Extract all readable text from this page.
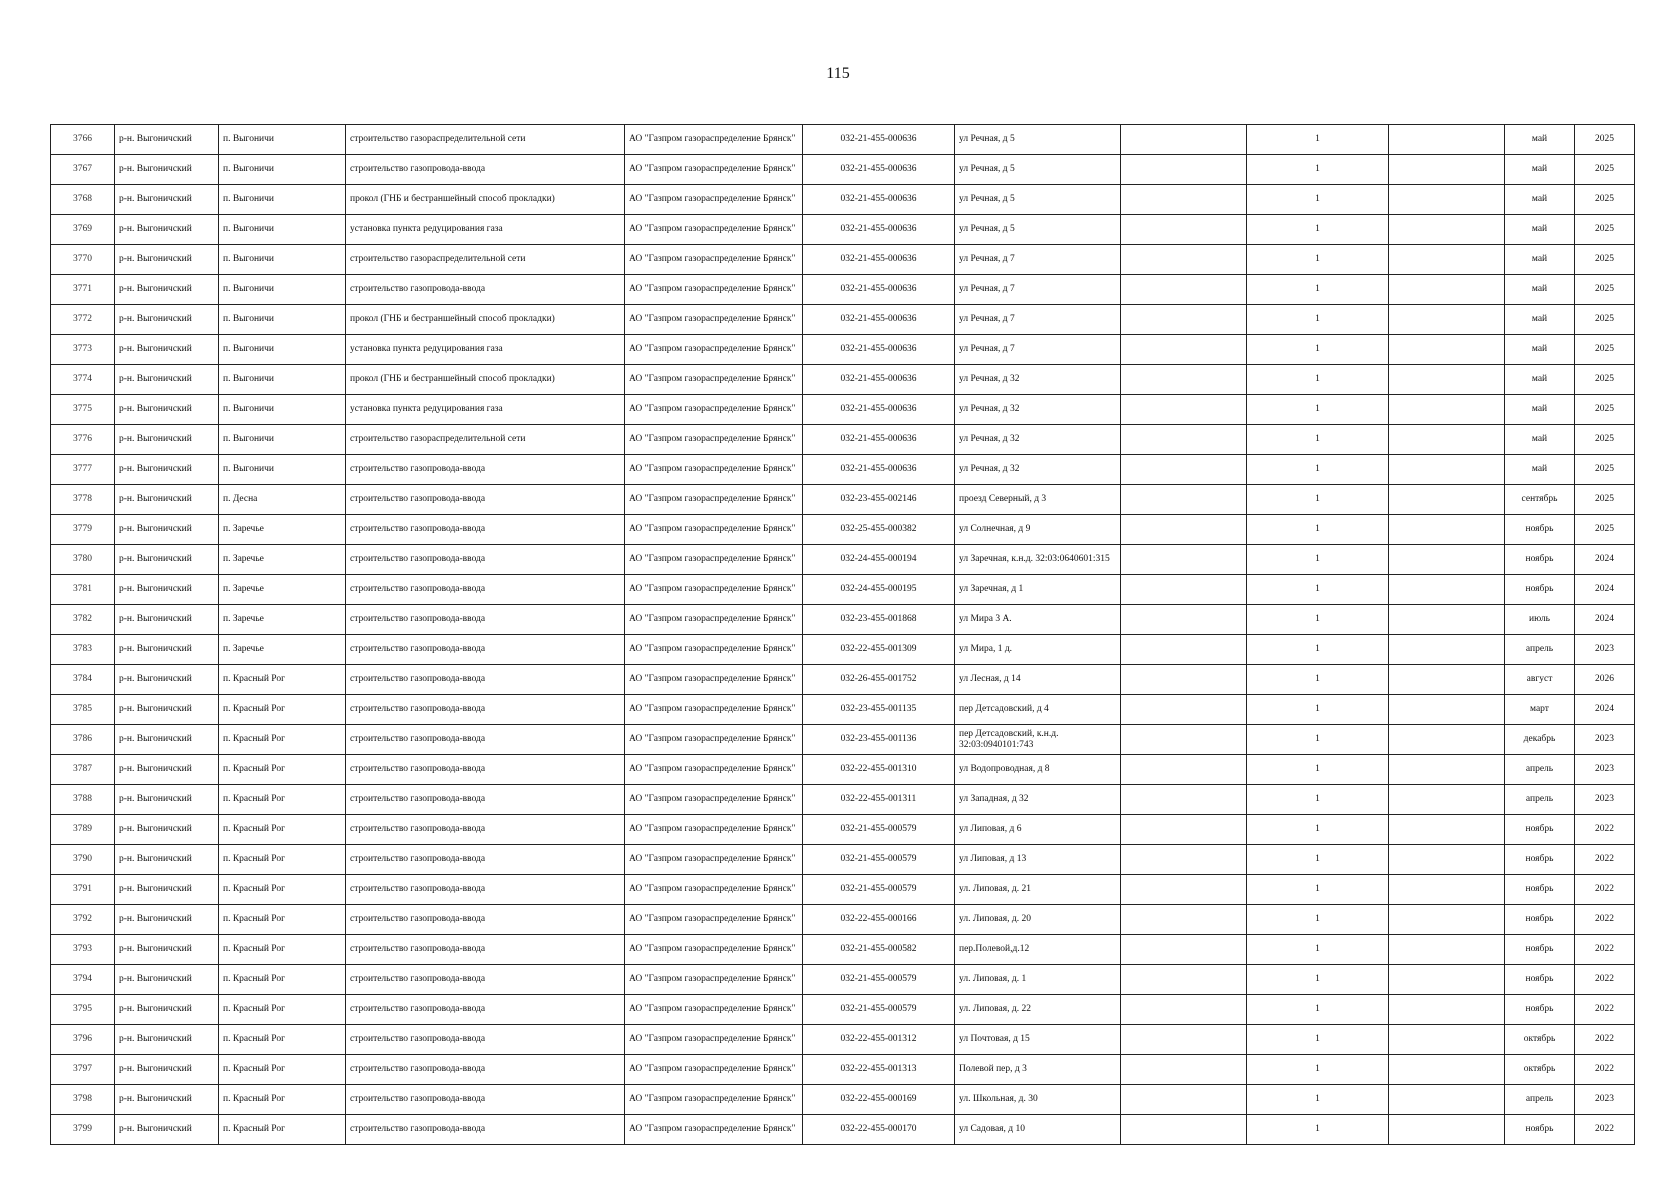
115
3766	р-н. Выгоничский	п. Выгоничи	строительство газораспределительной сети	АО "Газпром газораспределение Брянск"	032-21-455-000636	ул Речная, д 5		1		май	2025
3767	р-н. Выгоничский	п. Выгоничи	строительство газопровода-ввода	АО "Газпром газораспределение Брянск"	032-21-455-000636	ул Речная, д 5		1		май	2025
3768	р-н. Выгоничский	п. Выгоничи	прокол (ГНБ и бестраншейный способ прокладки)	АО "Газпром газораспределение Брянск"	032-21-455-000636	ул Речная, д 5		1		май	2025
3769	р-н. Выгоничский	п. Выгоничи	установка пункта редуцирования газа	АО "Газпром газораспределение Брянск"	032-21-455-000636	ул Речная, д 5		1		май	2025
3770	р-н. Выгоничский	п. Выгоничи	строительство газораспределительной сети	АО "Газпром газораспределение Брянск"	032-21-455-000636	ул Речная, д 7		1		май	2025
3771	р-н. Выгоничский	п. Выгоничи	строительство газопровода-ввода	АО "Газпром газораспределение Брянск"	032-21-455-000636	ул Речная, д 7		1		май	2025
3772	р-н. Выгоничский	п. Выгоничи	прокол (ГНБ и бестраншейный способ прокладки)	АО "Газпром газораспределение Брянск"	032-21-455-000636	ул Речная, д 7		1		май	2025
3773	р-н. Выгоничский	п. Выгоничи	установка пункта редуцирования газа	АО "Газпром газораспределение Брянск"	032-21-455-000636	ул Речная, д 7		1		май	2025
3774	р-н. Выгоничский	п. Выгоничи	прокол (ГНБ и бестраншейный способ прокладки)	АО "Газпром газораспределение Брянск"	032-21-455-000636	ул Речная, д 32		1		май	2025
3775	р-н. Выгоничский	п. Выгоничи	установка пункта редуцирования газа	АО "Газпром газораспределение Брянск"	032-21-455-000636	ул Речная, д 32		1		май	2025
3776	р-н. Выгоничский	п. Выгоничи	строительство газораспределительной сети	АО "Газпром газораспределение Брянск"	032-21-455-000636	ул Речная, д 32		1		май	2025
3777	р-н. Выгоничский	п. Выгоничи	строительство газопровода-ввода	АО "Газпром газораспределение Брянск"	032-21-455-000636	ул Речная, д 32		1		май	2025
3778	р-н. Выгоничский	п. Десна	строительство газопровода-ввода	АО "Газпром газораспределение Брянск"	032-23-455-002146	проезд Северный, д 3		1		сентябрь	2025
3779	р-н. Выгоничский	п. Заречье	строительство газопровода-ввода	АО "Газпром газораспределение Брянск"	032-25-455-000382	ул Солнечная, д 9		1		ноябрь	2025
3780	р-н. Выгоничский	п. Заречье	строительство газопровода-ввода	АО "Газпром газораспределение Брянск"	032-24-455-000194	ул Заречная, к.н.д. 32:03:0640601:315		1		ноябрь	2024
3781	р-н. Выгоничский	п. Заречье	строительство газопровода-ввода	АО "Газпром газораспределение Брянск"	032-24-455-000195	ул Заречная, д 1		1		ноябрь	2024
3782	р-н. Выгоничский	п. Заречье	строительство газопровода-ввода	АО "Газпром газораспределение Брянск"	032-23-455-001868	ул Мира 3 А.		1		июль	2024
3783	р-н. Выгоничский	п. Заречье	строительство газопровода-ввода	АО "Газпром газораспределение Брянск"	032-22-455-001309	ул Мира, 1 д.		1		апрель	2023
3784	р-н. Выгоничский	п. Красный Рог	строительство газопровода-ввода	АО "Газпром газораспределение Брянск"	032-26-455-001752	ул Лесная, д 14		1		август	2026
3785	р-н. Выгоничский	п. Красный Рог	строительство газопровода-ввода	АО "Газпром газораспределение Брянск"	032-23-455-001135	пер Детсадовский, д 4		1		март	2024
3786	р-н. Выгоничский	п. Красный Рог	строительство газопровода-ввода	АО "Газпром газораспределение Брянск"	032-23-455-001136	пер Детсадовский, к.н.д. 32:03:0940101:743		1		декабрь	2023
3787	р-н. Выгоничский	п. Красный Рог	строительство газопровода-ввода	АО "Газпром газораспределение Брянск"	032-22-455-001310	ул Водопроводная, д 8		1		апрель	2023
3788	р-н. Выгоничский	п. Красный Рог	строительство газопровода-ввода	АО "Газпром газораспределение Брянск"	032-22-455-001311	ул Западная, д 32		1		апрель	2023
3789	р-н. Выгоничский	п. Красный Рог	строительство газопровода-ввода	АО "Газпром газораспределение Брянск"	032-21-455-000579	ул Липовая, д 6		1		ноябрь	2022
3790	р-н. Выгоничский	п. Красный Рог	строительство газопровода-ввода	АО "Газпром газораспределение Брянск"	032-21-455-000579	ул Липовая, д 13		1		ноябрь	2022
3791	р-н. Выгоничский	п. Красный Рог	строительство газопровода-ввода	АО "Газпром газораспределение Брянск"	032-21-455-000579	ул. Липовая, д. 21		1		ноябрь	2022
3792	р-н. Выгоничский	п. Красный Рог	строительство газопровода-ввода	АО "Газпром газораспределение Брянск"	032-22-455-000166	ул. Липовая, д. 20		1		ноябрь	2022
3793	р-н. Выгоничский	п. Красный Рог	строительство газопровода-ввода	АО "Газпром газораспределение Брянск"	032-21-455-000582	пер.Полевой,д.12		1		ноябрь	2022
3794	р-н. Выгоничский	п. Красный Рог	строительство газопровода-ввода	АО "Газпром газораспределение Брянск"	032-21-455-000579	ул. Липовая, д. 1		1		ноябрь	2022
3795	р-н. Выгоничский	п. Красный Рог	строительство газопровода-ввода	АО "Газпром газораспределение Брянск"	032-21-455-000579	ул. Липовая, д. 22		1		ноябрь	2022
3796	р-н. Выгоничский	п. Красный Рог	строительство газопровода-ввода	АО "Газпром газораспределение Брянск"	032-22-455-001312	ул Почтовая, д 15		1		октябрь	2022
3797	р-н. Выгоничский	п. Красный Рог	строительство газопровода-ввода	АО "Газпром газораспределение Брянск"	032-22-455-001313	Полевой пер, д 3		1		октябрь	2022
3798	р-н. Выгоничский	п. Красный Рог	строительство газопровода-ввода	АО "Газпром газораспределение Брянск"	032-22-455-000169	ул. Школьная, д. 30		1		апрель	2023
3799	р-н. Выгоничский	п. Красный Рог	строительство газопровода-ввода	АО "Газпром газораспределение Брянск"	032-22-455-000170	ул Садовая, д 10		1		ноябрь	2022
